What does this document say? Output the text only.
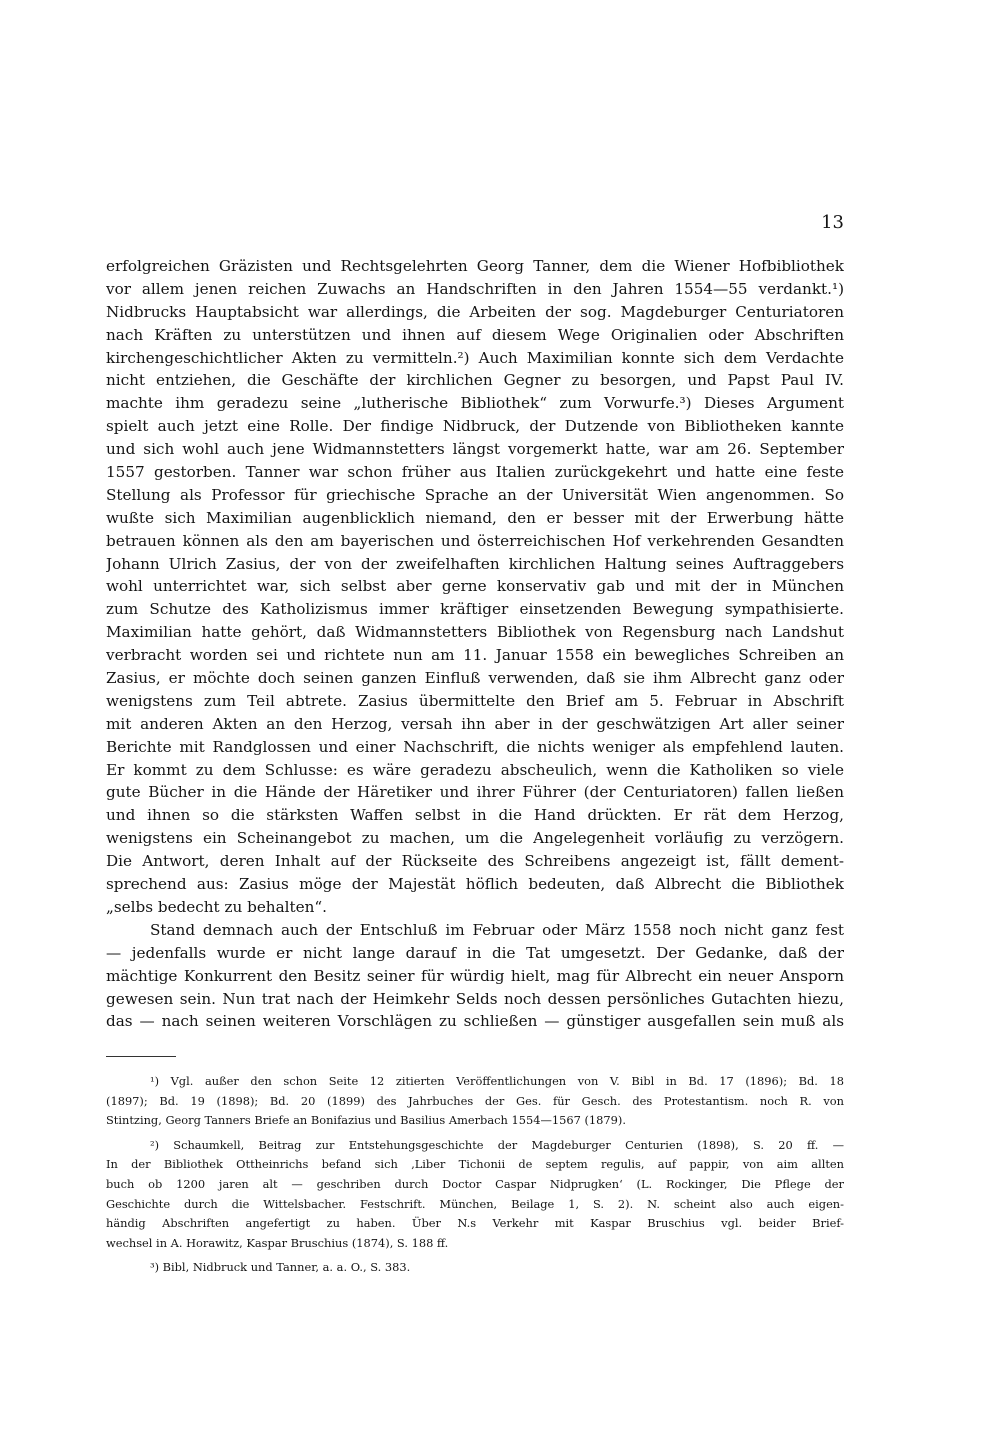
13
erfolgreichen Gräzisten und Rechtsgelehrten Georg Tanner, dem die Wiener Hofbibliothek
vor allem jenen reichen Zuwachs an Handschriften in den Jahren 1554—55 verdankt.¹)
Nidbrucks Hauptabsicht war allerdings, die Arbeiten der sog. Magdeburger Centuriatoren
nach Kräften zu unterstützen und ihnen auf diesem Wege Originalien oder Abschriften
kirchengeschichtlicher Akten zu vermitteln.²) Auch Maximilian konnte sich dem Verdachte
nicht entziehen, die Geschäfte der kirchlichen Gegner zu besorgen, und Papst Paul IV.
machte ihm geradezu seine „lutherische Bibliothek“ zum Vorwurfe.³) Dieses Argument
spielt auch jetzt eine Rolle. Der findige Nidbruck, der Dutzende von Bibliotheken kannte
und sich wohl auch jene Widmannstetters längst vorgemerkt hatte, war am 26. September
1557 gestorben. Tanner war schon früher aus Italien zurückgekehrt und hatte eine feste
Stellung als Professor für griechische Sprache an der Universität Wien angenommen. So
wußte sich Maximilian augenblicklich niemand, den er besser mit der Erwerbung hätte
betrauen können als den am bayerischen und österreichischen Hof verkehrenden Gesandten
Johann Ulrich Zasius, der von der zweifelhaften kirchlichen Haltung seines Auftraggebers
wohl unterrichtet war, sich selbst aber gerne konservativ gab und mit der in München
zum Schutze des Katholizismus immer kräftiger einsetzenden Bewegung sympathisierte.
Maximilian hatte gehört, daß Widmannstetters Bibliothek von Regensburg nach Landshut
verbracht worden sei und richtete nun am 11. Januar 1558 ein bewegliches Schreiben an
Zasius, er möchte doch seinen ganzen Einfluß verwenden, daß sie ihm Albrecht ganz oder
wenigstens zum Teil abtrete. Zasius übermittelte den Brief am 5. Februar in Abschrift
mit anderen Akten an den Herzog, versah ihn aber in der geschwätzigen Art aller seiner
Berichte mit Randglossen und einer Nachschrift, die nichts weniger als empfehlend lauten.
Er kommt zu dem Schlusse: es wäre geradezu abscheulich, wenn die Katholiken so viele
gute Bücher in die Hände der Häretiker und ihrer Führer (der Centuriatoren) fallen ließen
und ihnen so die stärksten Waffen selbst in die Hand drückten. Er rät dem Herzog,
wenigstens ein Scheinangebot zu machen, um die Angelegenheit vorläufig zu verzögern.
Die Antwort, deren Inhalt auf der Rückseite des Schreibens angezeigt ist, fällt dement-
sprechend aus: Zasius möge der Majestät höflich bedeuten, daß Albrecht die Bibliothek
„selbs bedecht zu behalten“.
Stand demnach auch der Entschluß im Februar oder März 1558 noch nicht ganz fest
— jedenfalls wurde er nicht lange darauf in die Tat umgesetzt. Der Gedanke, daß der
mächtige Konkurrent den Besitz seiner für würdig hielt, mag für Albrecht ein neuer Ansporn
gewesen sein. Nun trat nach der Heimkehr Selds noch dessen persönliches Gutachten hiezu,
das — nach seinen weiteren Vorschlägen zu schließen — günstiger ausgefallen sein muß als
¹) Vgl. außer den schon Seite 12 zitierten Veröffentlichungen von V. Bibl in Bd. 17 (1896); Bd. 18
(1897); Bd. 19 (1898); Bd. 20 (1899) des Jahrbuches der Ges. für Gesch. des Protestantism. noch R. von
Stintzing, Georg Tanners Briefe an Bonifazius und Basilius Amerbach 1554—1567 (1879).
²) Schaumkell, Beitrag zur Entstehungsgeschichte der Magdeburger Centurien (1898), S. 20 ff. —
In der Bibliothek Ottheinrichs befand sich ‚Liber Tichonii de septem regulis, auf pappir, von aim allten
buch ob 1200 jaren alt — geschriben durch Doctor Caspar Nidprugken‘ (L. Rockinger, Die Pflege der
Geschichte durch die Wittelsbacher. Festschrift. München, Beilage 1, S. 2). N. scheint also auch eigen-
händig Abschriften angefertigt zu haben. Über N.s Verkehr mit Kaspar Bruschius vgl. beider Brief-
wechsel in A. Horawitz, Kaspar Bruschius (1874), S. 188 ff.
³) Bibl, Nidbruck und Tanner, a. a. O., S. 383.
